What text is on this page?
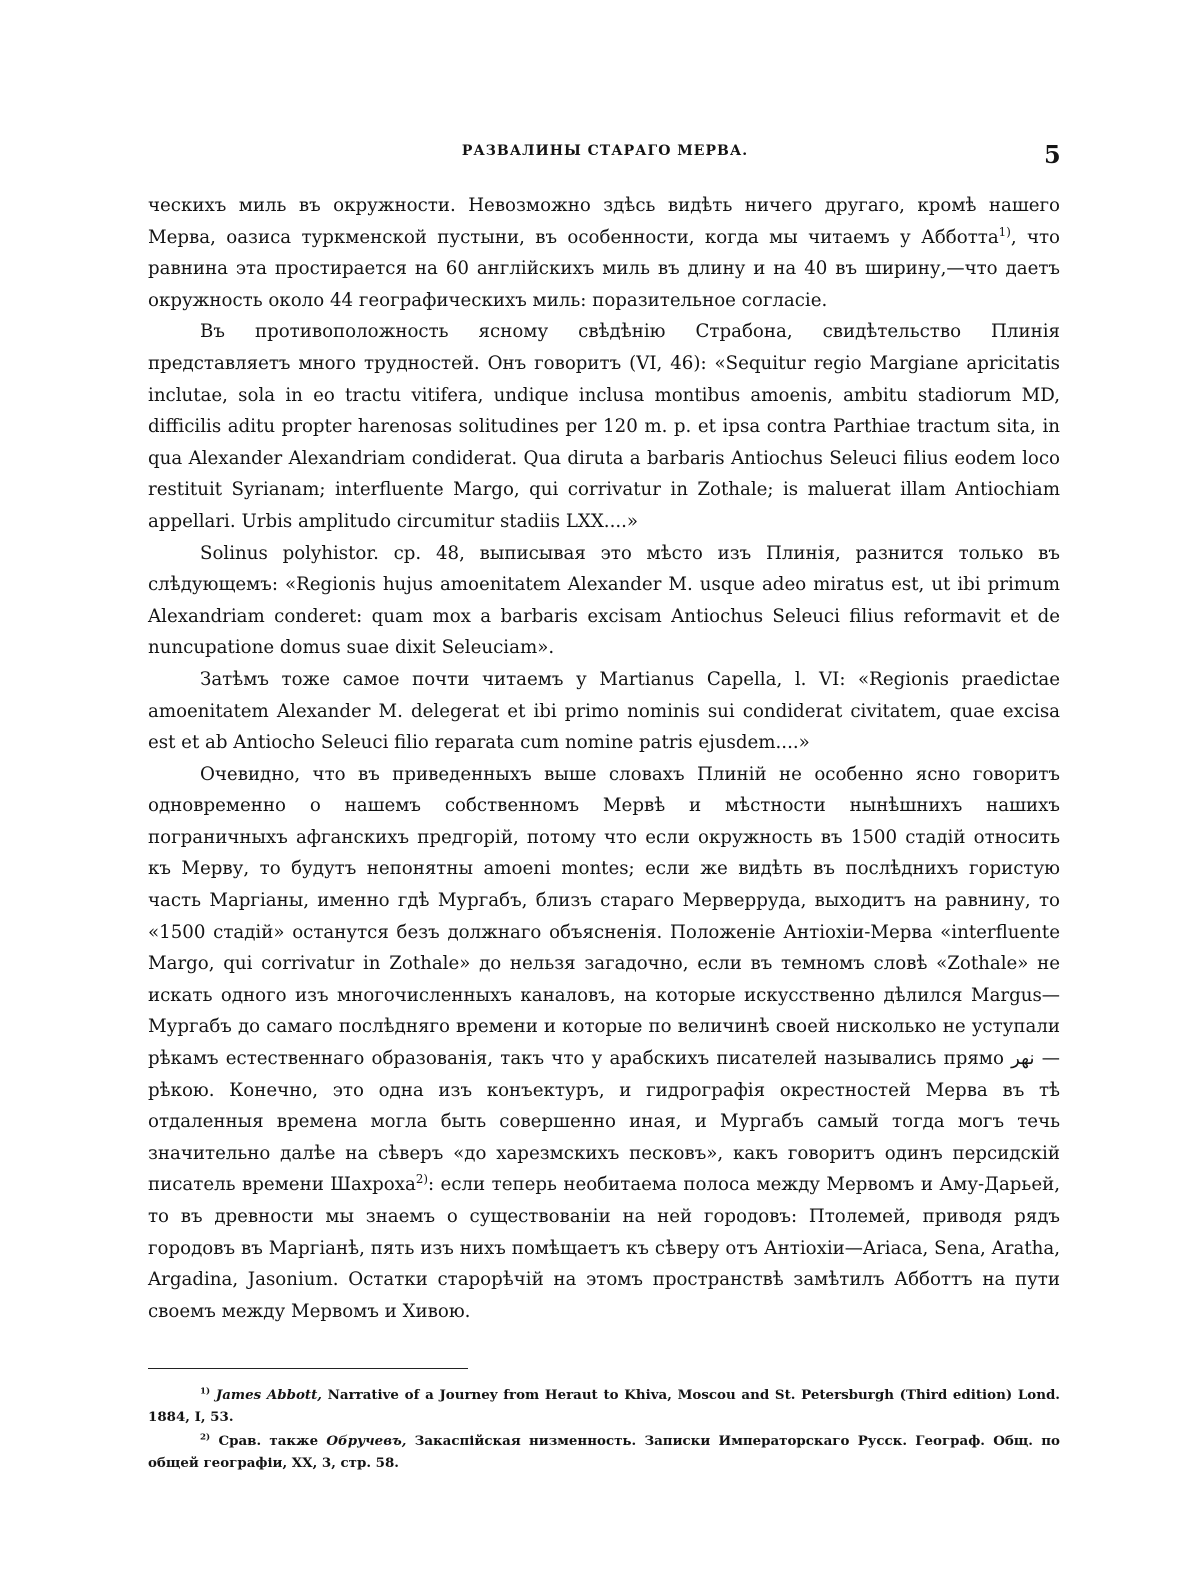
РАЗВАЛИНЫ СТАРАГО МЕРВА.	5

ческихъ миль въ окружности. Невозможно здѣсь видѣть ничего другаго, кромѣ нашего Мерва, оазиса туркменской пустыни, въ особенности, когда мы читаемъ у Абботта$^{1)}$, что равнина эта простирается на 60 англійскихъ миль въ длину и на 40 въ ширину,—что даетъ окружность около 44 географическихъ миль: поразительное согласіе.

Въ противоположность ясному свѣдѣнію Страбона, свидѣтельство Плинія представляетъ много трудностей. Онъ говоритъ (VI, 46): «Sequitur regio Margiane apricitatis inclutae, sola in eo tractu vitifera, undique inclusa montibus amoenis, ambitu stadiorum MD, difficilis aditu propter harenosas solitudines per 120 m. p. et ipsa contra Parthiae tractum sita, in qua Alexander Alexandriam condiderat. Qua diruta a barbaris Antiochus Seleuci filius eodem loco restituit Syrianam; interfluente Margo, qui corrivatur in Zothale; is maluerat illam Antiochiam appellari. Urbis amplitudo circumitur stadiis LXX....»

Solinus polyhistor. cp. 48, выписывая это мѣсто изъ Плинія, разнится только въ слѣдующемъ: «Regionis hujus amoenitatem Alexander M. usque adeo miratus est, ut ibi primum Alexandriam conderet: quam mox a barbaris excisam Antiochus Seleuci filius reformavit et de nuncupatione domus suae dixit Seleuciam».

Затѣмъ тоже самое почти читаемъ у Martianus Capella, l. VI: «Regionis praedictae amoenitatem Alexander M. delegerat et ibi primo nominis sui condiderat civitatem, quae excisa est et ab Antiocho Seleuci filio reparata cum nomine patris ejusdem....»

Очевидно, что въ приведенныхъ выше словахъ Плиній не особенно ясно говоритъ одновременно о нашемъ собственномъ Мервѣ и мѣстности нынѣшнихъ нашихъ пограничныхъ афганскихъ предгорій, потому что если окружность въ 1500 стадій относить къ Мерву, то будутъ непонятны amoeni montes; если же видѣть въ послѣднихъ гористую часть Маргіаны, именно гдѣ Мургабъ, близъ стараго Мерверруда, выходитъ на равнину, то «1500 стадій» останутся безъ должнаго объясненія. Положеніе Антіохіи-Мерва «interfluente Margo, qui corrivatur in Zothale» до нельзя загадочно, если въ темномъ словѣ «Zothale» не искать одного изъ многочисленныхъ каналовъ, на которые искусственно дѣлился Margus—Мургабъ до самаго послѣдняго времени и которые по величинѣ своей нисколько не уступали рѣкамъ естественнаго образованія, такъ что у арабскихъ писателей назывались прямо نهر — рѣкою. Конечно, это одна изъ конъектуръ, и гидрографія окрестностей Мерва въ тѣ отдаленныя времена могла быть совершенно иная, и Мургабъ самый тогда могъ течь значительно далѣе на сѣверъ «до харезмскихъ песковъ», какъ говоритъ одинъ персидскій писатель времени Шахроха$^{2)}$: если теперь необитаема полоса между Мервомъ и Аму-Дарьей, то въ древности мы знаемъ о существованіи на ней городовъ: Птолемей, приводя рядъ городовъ въ Маргіанѣ, пять изъ нихъ помѣщаетъ къ сѣверу отъ Антіохіи—Ariaca, Sena, Aratha, Argadina, Jasonium. Остатки старорѣчій на этомъ пространствѣ замѣтилъ Абботтъ на пути своемъ между Мервомъ и Хивою.

$^{1)}$ James Abbott, Narrative of a Journey from Heraut to Khiva, Moscou and St. Petersburgh (Third edition) Lond. 1884, I, 53.

$^{2)}$ Срав. также Обручевъ, Закаспійская низменность. Записки Императорскаго Русск. Географ. Общ. по общей географіи, XX, 3, стр. 58.
